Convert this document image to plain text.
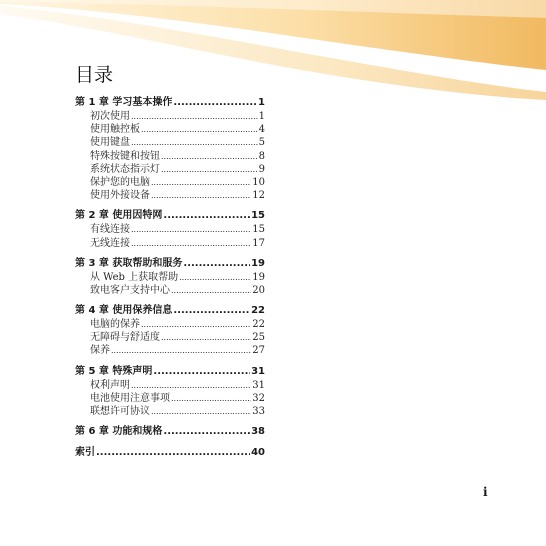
目录
第 1 章 学习基本操作 .....	1
初次使用 .....	1
使用触控板 .....	4
使用键盘 .....	5
特殊按键和按钮 .....	8
系统状态指示灯 .....	9
保护您的电脑 .....	10
使用外接设备 .....	12
第 2 章 使用因特网 .....	15
有线连接 .....	15
无线连接 .....	17
第 3 章 获取帮助和服务 .....	19
从 Web 上获取帮助 .....	19
致电客户支持中心 .....	20
第 4 章 使用保养信息 .....	22
电脑的保养 .....	22
无障碍与舒适度 .....	25
保养 .....	27
第 5 章 特殊声明 .....	31
权利声明 .....	31
电池使用注意事项 .....	32
联想许可协议 .....	33
第 6 章 功能和规格 .....	38
索引 .....	40
i
